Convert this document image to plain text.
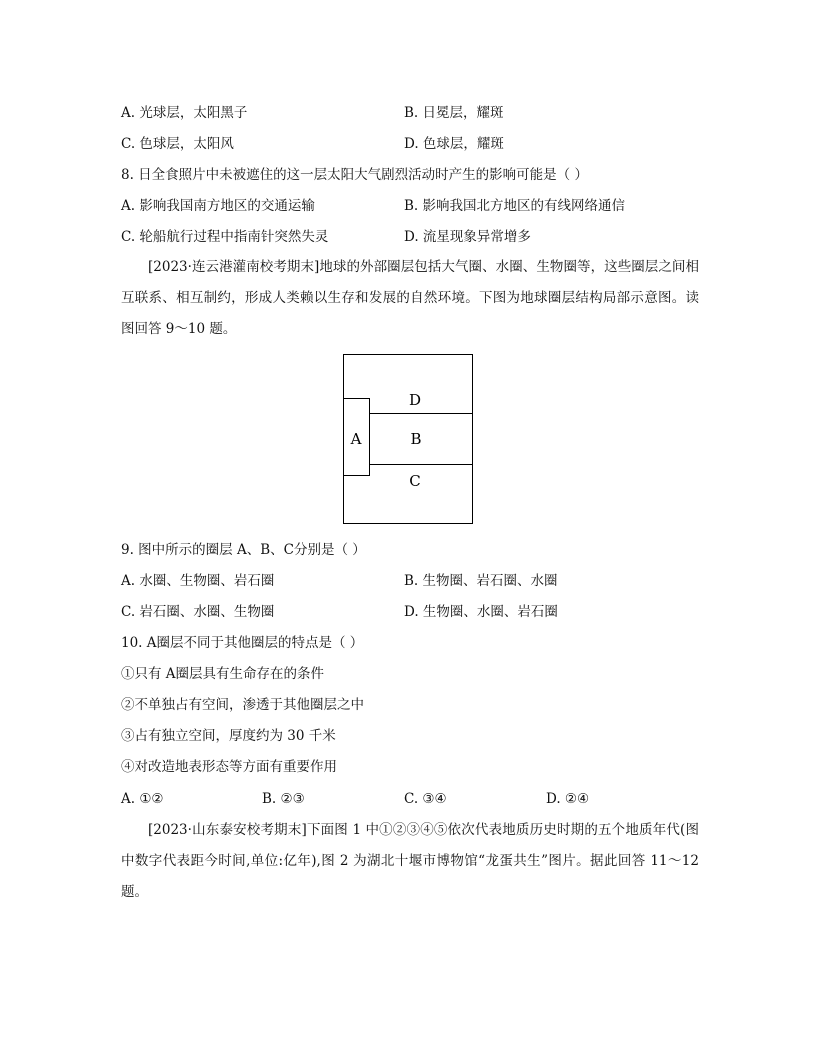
A. 光球层，太阳黑子	B. 日冕层，耀斑
C. 色球层，太阳风	D. 色球层，耀斑
8. 日全食照片中未被遮住的这一层太阳大气剧烈活动时产生的影响可能是（ ）
A. 影响我国南方地区的交通运输	B. 影响我国北方地区的有线网络通信
C. 轮船航行过程中指南针突然失灵	D. 流星现象异常增多
[2023·连云港灌南校考期末]地球的外部圈层包括大气圈、水圈、生物圈等，这些圈层之间相互联系、相互制约，形成人类赖以生存和发展的自然环境。下图为地球圈层结构局部示意图。读图回答 9～10 题。
D
B
A
C
9. 图中所示的圈层 A、B、C分别是（ ）
A. 水圈、生物圈、岩石圈	B. 生物圈、岩石圈、水圈
C. 岩石圈、水圈、生物圈	D. 生物圈、水圈、岩石圈
10. A圈层不同于其他圈层的特点是（ ）
①只有 A圈层具有生命存在的条件
②不单独占有空间，渗透于其他圈层之中
③占有独立空间，厚度约为 30 千米
④对改造地表形态等方面有重要作用
A. ①②	B. ②③	C. ③④	D. ②④
[2023·山东泰安校考期末]下面图 1 中①②③④⑤依次代表地质历史时期的五个地质年代(图中数字代表距今时间,单位:亿年),图 2 为湖北十堰市博物馆“龙蛋共生”图片。据此回答 11～12 题。
